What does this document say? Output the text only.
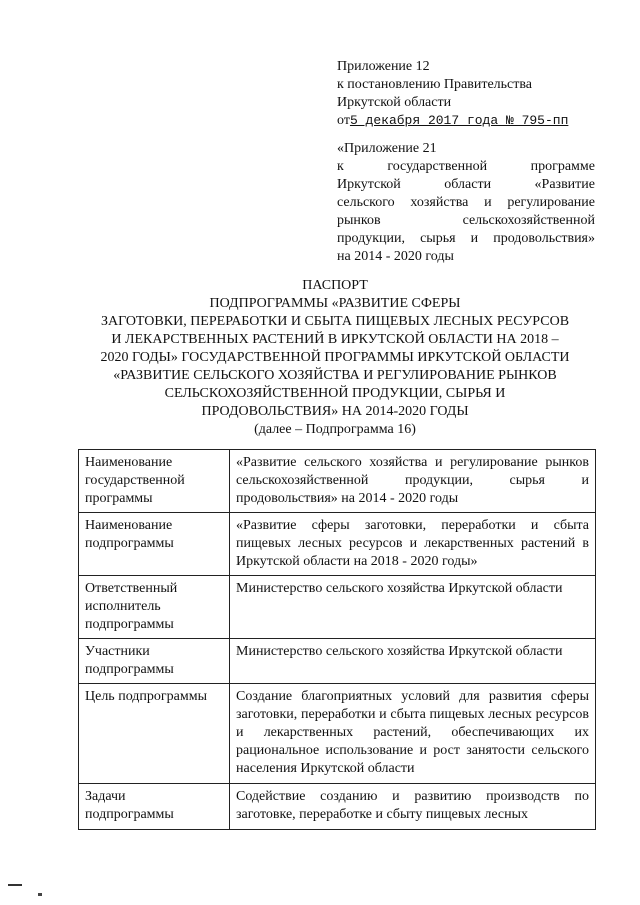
Приложение 12
к постановлению Правительства
Иркутской области
от5 декабря 2017 года № 795-пп
«Приложение 21
к государственной программе
Иркутской области «Развитие
сельского хозяйства и регулирование
рынков сельскохозяйственной
продукции, сырья и продовольствия»
на 2014 - 2020 годы
ПАСПОРТ
ПОДПРОГРАММЫ «РАЗВИТИЕ СФЕРЫ
ЗАГОТОВКИ, ПЕРЕРАБОТКИ И СБЫТА ПИЩЕВЫХ ЛЕСНЫХ РЕСУРСОВ
И ЛЕКАРСТВЕННЫХ РАСТЕНИЙ В ИРКУТСКОЙ ОБЛАСТИ НА 2018 –
2020 ГОДЫ» ГОСУДАРСТВЕННОЙ ПРОГРАММЫ ИРКУТСКОЙ ОБЛАСТИ
«РАЗВИТИЕ СЕЛЬСКОГО ХОЗЯЙСТВА И РЕГУЛИРОВАНИЕ РЫНКОВ
СЕЛЬСКОХОЗЯЙСТВЕННОЙ ПРОДУКЦИИ, СЫРЬЯ И
ПРОДОВОЛЬСТВИЯ» НА 2014-2020 ГОДЫ
(далее – Подпрограмма 16)
Наименование
государственной
программы	«Развитие сельского хозяйства и регулирование рынков сельскохозяйственной продукции, сырья и продовольствия» на 2014 - 2020 годы

Наименование
подпрограммы	«Развитие сферы заготовки, переработки и сбыта пищевых лесных ресурсов и лекарственных растений в Иркутской области на 2018 - 2020 годы»

Ответственный
исполнитель
подпрограммы	Министерство сельского хозяйства Иркутской области

Участники
подпрограммы	Министерство сельского хозяйства Иркутской области

Цель подпрограммы	Создание благоприятных условий для развития сферы заготовки, переработки и сбыта пищевых лесных ресурсов и лекарственных растений, обеспечивающих их рациональное использование и рост занятости сельского населения Иркутской области

Задачи
подпрограммы	Содействие созданию и развитию производств по заготовке, переработке и сбыту пищевых лесных
